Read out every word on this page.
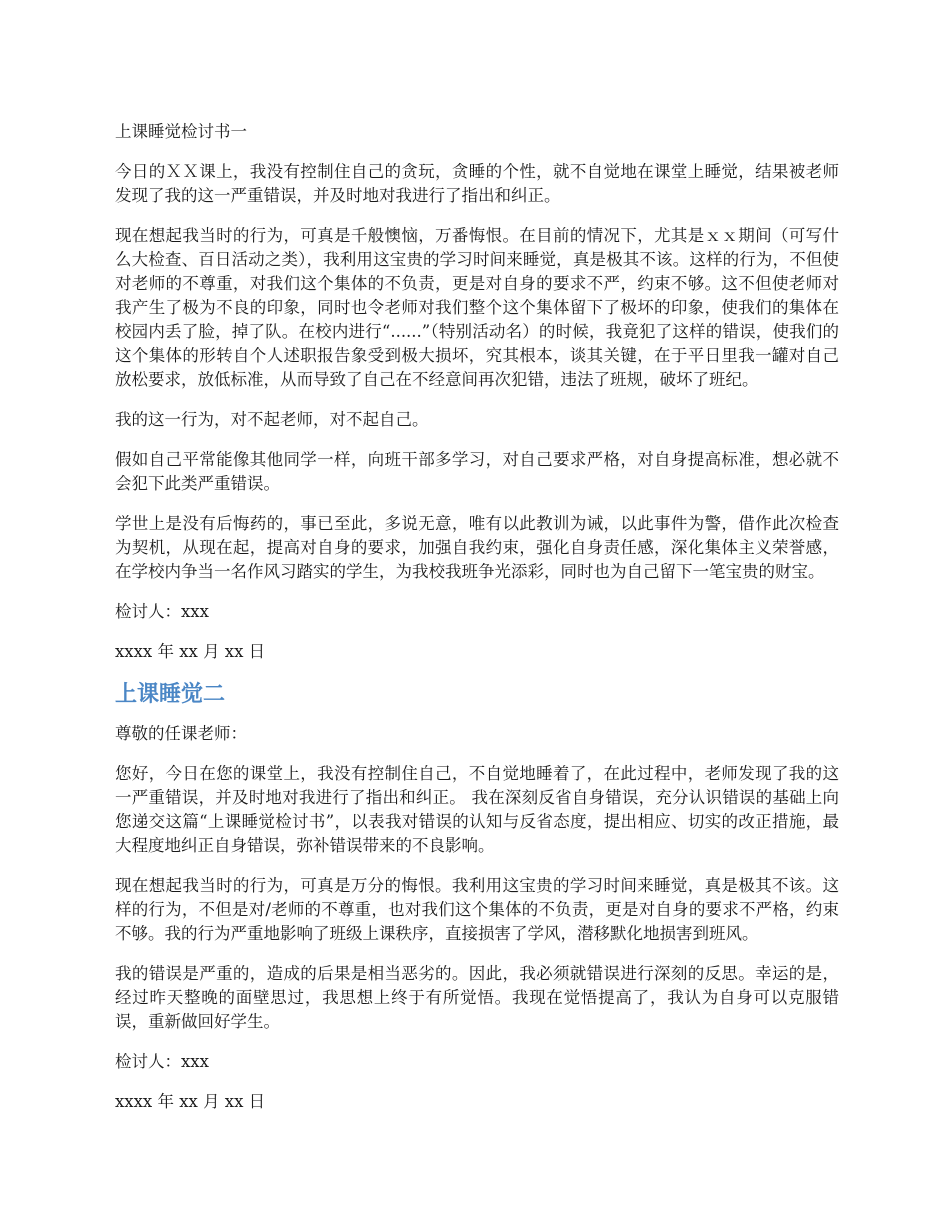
上课睡觉检讨书一

今日的ＸＸ课上，我没有控制住自己的贪玩，贪睡的个性，就不自觉地在课堂上睡觉，结果被老师发现了我的这一严重错误，并及时地对我进行了指出和纠正。

现在想起我当时的行为，可真是千般懊恼，万番悔恨。在目前的情况下，尤其是ｘｘ期间（可写什么大检查、百日活动之类），我利用这宝贵的学习时间来睡觉，真是极其不该。这样的行为，不但使对老师的不尊重，对我们这个集体的不负责，更是对自身的要求不严，约束不够。这不但使老师对我产生了极为不良的印象，同时也令老师对我们整个这个集体留下了极坏的印象，使我们的集体在校园内丢了脸，掉了队。在校内进行“......”（特别活动名）的时候，我竟犯了这样的错误，使我们的这个集体的形转自个人述职报告象受到极大损坏，究其根本，谈其关键，在于平日里我一罐对自己放松要求，放低标准，从而导致了自己在不经意间再次犯错，违法了班规，破坏了班纪。

我的这一行为，对不起老师，对不起自己。

假如自己平常能像其他同学一样，向班干部多学习，对自己要求严格，对自身提高标准，想必就不会犯下此类严重错误。

学世上是没有后悔药的，事已至此，多说无意，唯有以此教训为诫，以此事件为警，借作此次检查为契机，从现在起，提高对自身的要求，加强自我约束，强化自身责任感，深化集体主义荣誉感，在学校内争当一名作风习踏实的学生，为我校我班争光添彩，同时也为自己留下一笔宝贵的财宝。

检讨人：xxx
xxxx 年 xx 月 xx 日
上课睡觉二
尊敬的任课老师：

您好，今日在您的课堂上，我没有控制住自己，不自觉地睡着了，在此过程中，老师发现了我的这一严重错误，并及时地对我进行了指出和纠正。 我在深刻反省自身错误，充分认识错误的基础上向您递交这篇“上课睡觉检讨书”，以表我对错误的认知与反省态度，提出相应、切实的改正措施，最大程度地纠正自身错误，弥补错误带来的不良影响。

现在想起我当时的行为，可真是万分的悔恨。我利用这宝贵的学习时间来睡觉，真是极其不该。这样的行为，不但是对/老师的不尊重，也对我们这个集体的不负责，更是对自身的要求不严格，约束不够。我的行为严重地影响了班级上课秩序，直接损害了学风，潜移默化地损害到班风。

我的错误是严重的，造成的后果是相当恶劣的。因此，我必须就错误进行深刻的反思。幸运的是，经过昨天整晚的面壁思过，我思想上终于有所觉悟。我现在觉悟提高了，我认为自身可以克服错误，重新做回好学生。

检讨人：xxx
xxxx 年 xx 月 xx 日
